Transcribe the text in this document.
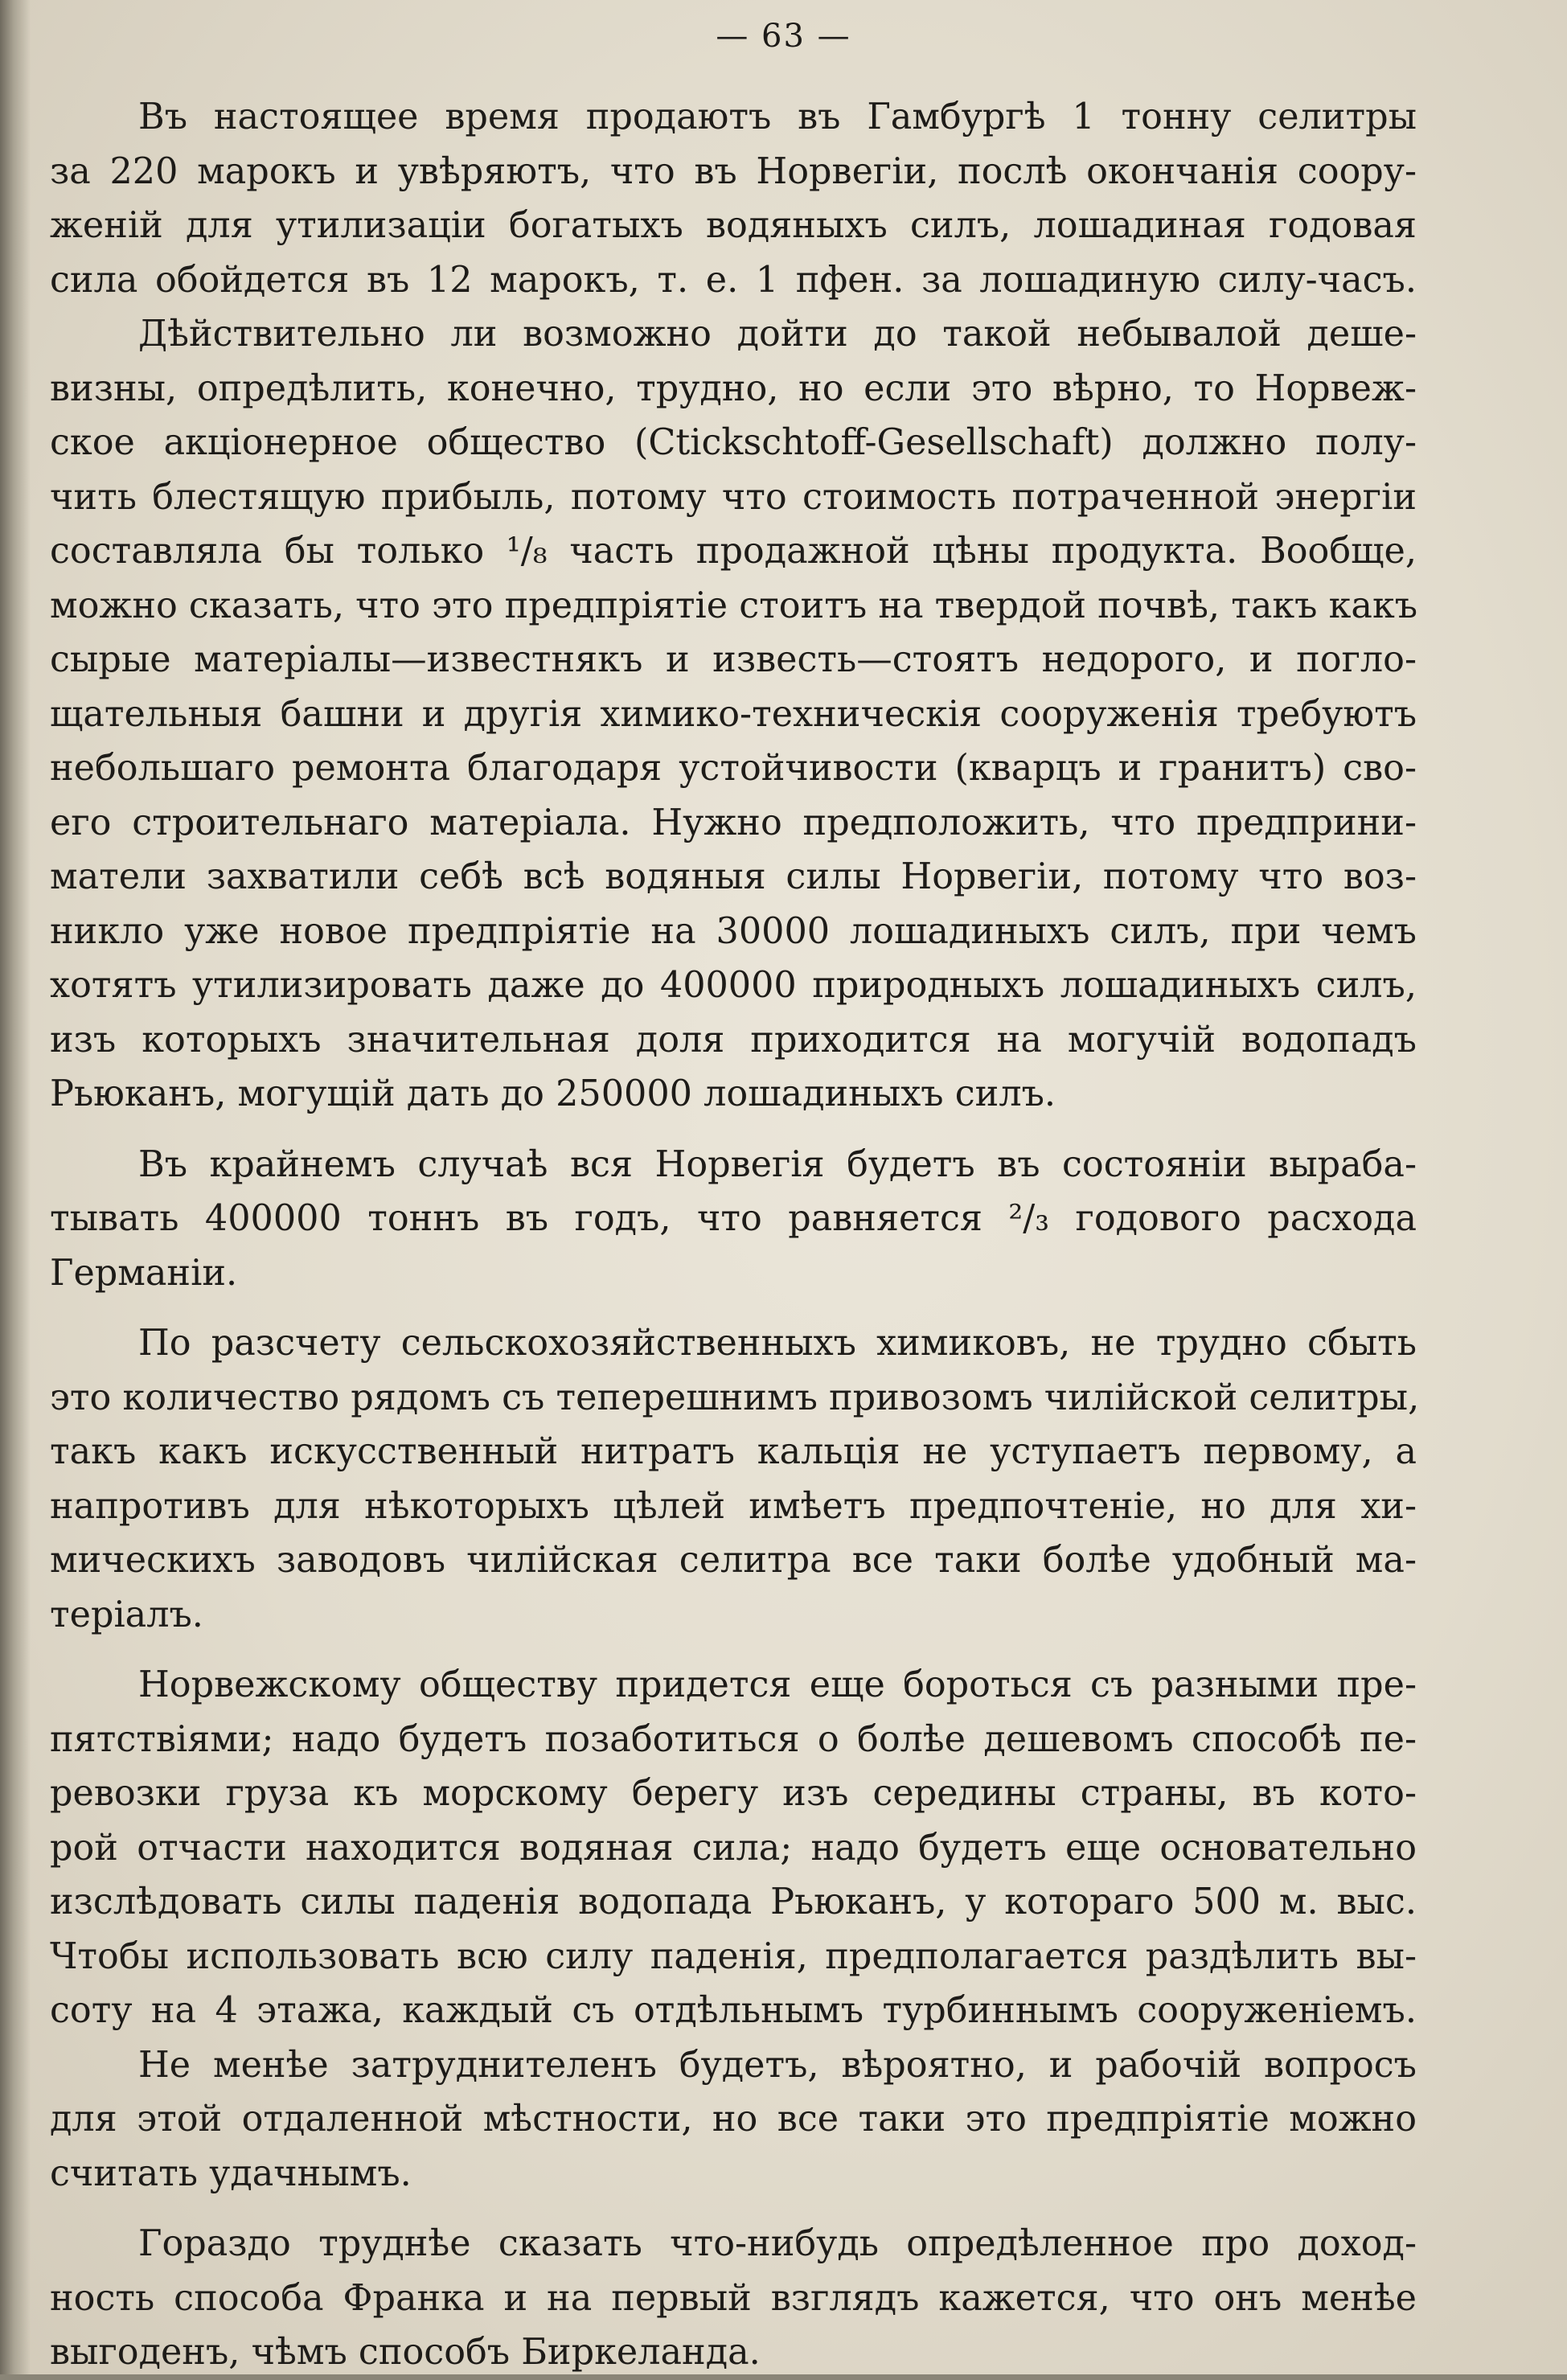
— 63 —
Въ настоящее время продаютъ въ Гамбургѣ 1 тонну селитры
за 220 марокъ и увѣряютъ, что въ Норвегіи, послѣ окончанія соору-
женій для утилизаціи богатыхъ водяныхъ силъ, лошадиная годовая
сила обойдется въ 12 марокъ, т. е. 1 пфен. за лошадиную силу-часъ.
Дѣйствительно ли возможно дойти до такой небывалой деше-
визны, опредѣлить, конечно, трудно, но если это вѣрно, то Норвеж-
ское акціонерное общество (Ctickschtoff-Gesellschaft) должно полу-
чить блестящую прибыль, потому что стоимость потраченной энергіи
составляла бы только ¹/₈ часть продажной цѣны продукта. Вообще,
можно сказать, что это предпріятіе стоитъ на твердой почвѣ, такъ какъ
сырые матеріалы—известнякъ и известь—стоятъ недорого, и погло-
щательныя башни и другія химико-техническія сооруженія требуютъ
небольшаго ремонта благодаря устойчивости (кварцъ и гранитъ) сво-
его строительнаго матеріала. Нужно предположить, что предприни-
матели захватили себѣ всѣ водяныя силы Норвегіи, потому что воз-
никло уже новое предпріятіе на 30000 лошадиныхъ силъ, при чемъ
хотятъ утилизировать даже до 400000 природныхъ лошадиныхъ силъ,
изъ которыхъ значительная доля приходится на могучій водопадъ
Рьюканъ, могущій дать до 250000 лошадиныхъ силъ.
Въ крайнемъ случаѣ вся Норвегія будетъ въ состояніи выраба-
тывать 400000 тоннъ въ годъ, что равняется ²/₃ годового расхода
Германіи.
По разсчету сельскохозяйственныхъ химиковъ, не трудно сбыть
это количество рядомъ съ теперешнимъ привозомъ чилійской селитры,
такъ какъ искусственный нитратъ кальція не уступаетъ первому, а
напротивъ для нѣкоторыхъ цѣлей имѣетъ предпочтеніе, но для хи-
мическихъ заводовъ чилійская селитра все таки болѣе удобный ма-
теріалъ.
Норвежскому обществу придется еще бороться съ разными пре-
пятствіями; надо будетъ позаботиться о болѣе дешевомъ способѣ пе-
ревозки груза къ морскому берегу изъ середины страны, въ кото-
рой отчасти находится водяная сила; надо будетъ еще основательно
изслѣдовать силы паденія водопада Рьюканъ, у котораго 500 м. выс.
Чтобы использовать всю силу паденія, предполагается раздѣлить вы-
соту на 4 этажа, каждый съ отдѣльнымъ турбиннымъ сооруженіемъ.
Не менѣе затруднителенъ будетъ, вѣроятно, и рабочій вопросъ
для этой отдаленной мѣстности, но все таки это предпріятіе можно
считать удачнымъ.
Гораздо труднѣе сказать что-нибудь опредѣленное про доход-
ность способа Франка и на первый взглядъ кажется, что онъ менѣе
выгоденъ, чѣмъ способъ Биркеланда.
